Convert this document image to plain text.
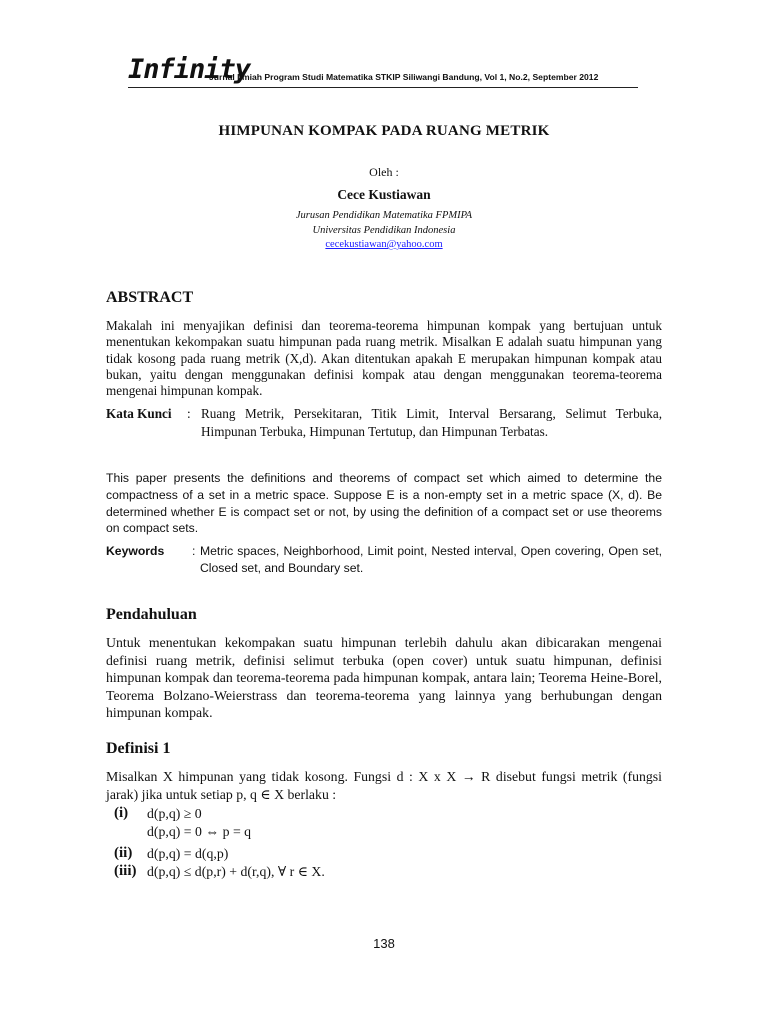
Infinity
Jurnal Ilmiah Program Studi Matematika STKIP Siliwangi Bandung, Vol 1, No.2, September 2012
HIMPUNAN KOMPAK PADA RUANG METRIK
Oleh :
Cece Kustiawan
Jurusan Pendidikan Matematika FPMIPA
Universitas Pendidikan Indonesia
cecekustiawan@yahoo.com
ABSTRACT
Makalah ini menyajikan definisi dan teorema-teorema himpunan kompak yang bertujuan untuk menentukan kekompakan suatu himpunan pada ruang metrik. Misalkan E adalah suatu himpunan yang tidak kosong pada ruang metrik (X,d). Akan ditentukan apakah E merupakan himpunan kompak atau bukan, yaitu dengan menggunakan definisi kompak atau dengan menggunakan teorema-teorema mengenai himpunan kompak.
Kata Kunci : Ruang Metrik, Persekitaran, Titik Limit, Interval Bersarang, Selimut Terbuka, Himpunan Terbuka, Himpunan Tertutup, dan Himpunan Terbatas.
This paper presents the definitions and theorems of compact set which aimed to determine the compactness of a set in a metric space. Suppose E is a non-empty set in a metric space (X, d). Be determined whether E is compact set or not, by using the definition of a compact set or use theorems on compact sets.
Keywords : Metric spaces, Neighborhood, Limit point, Nested interval, Open covering, Open set, Closed set, and Boundary set.
Pendahuluan
Untuk menentukan kekompakan suatu himpunan terlebih dahulu akan dibicarakan mengenai definisi ruang metrik, definisi selimut terbuka (open cover) untuk suatu himpunan, definisi himpunan kompak dan teorema-teorema pada himpunan kompak, antara lain; Teorema Heine-Borel, Teorema Bolzano-Weierstrass dan teorema-teorema yang lainnya yang berhubungan dengan himpunan kompak.
Definisi 1
Misalkan X himpunan yang tidak kosong. Fungsi d : X x X → R disebut fungsi metrik (fungsi jarak) jika untuk setiap p, q ∈ X berlaku :
(i) d(p,q) ≥ 0
d(p,q) = 0 ⇔ p = q
(ii) d(p,q) = d(q,p)
(iii) d(p,q) ≤ d(p,r) + d(r,q), ∀ r ∈ X.
138
